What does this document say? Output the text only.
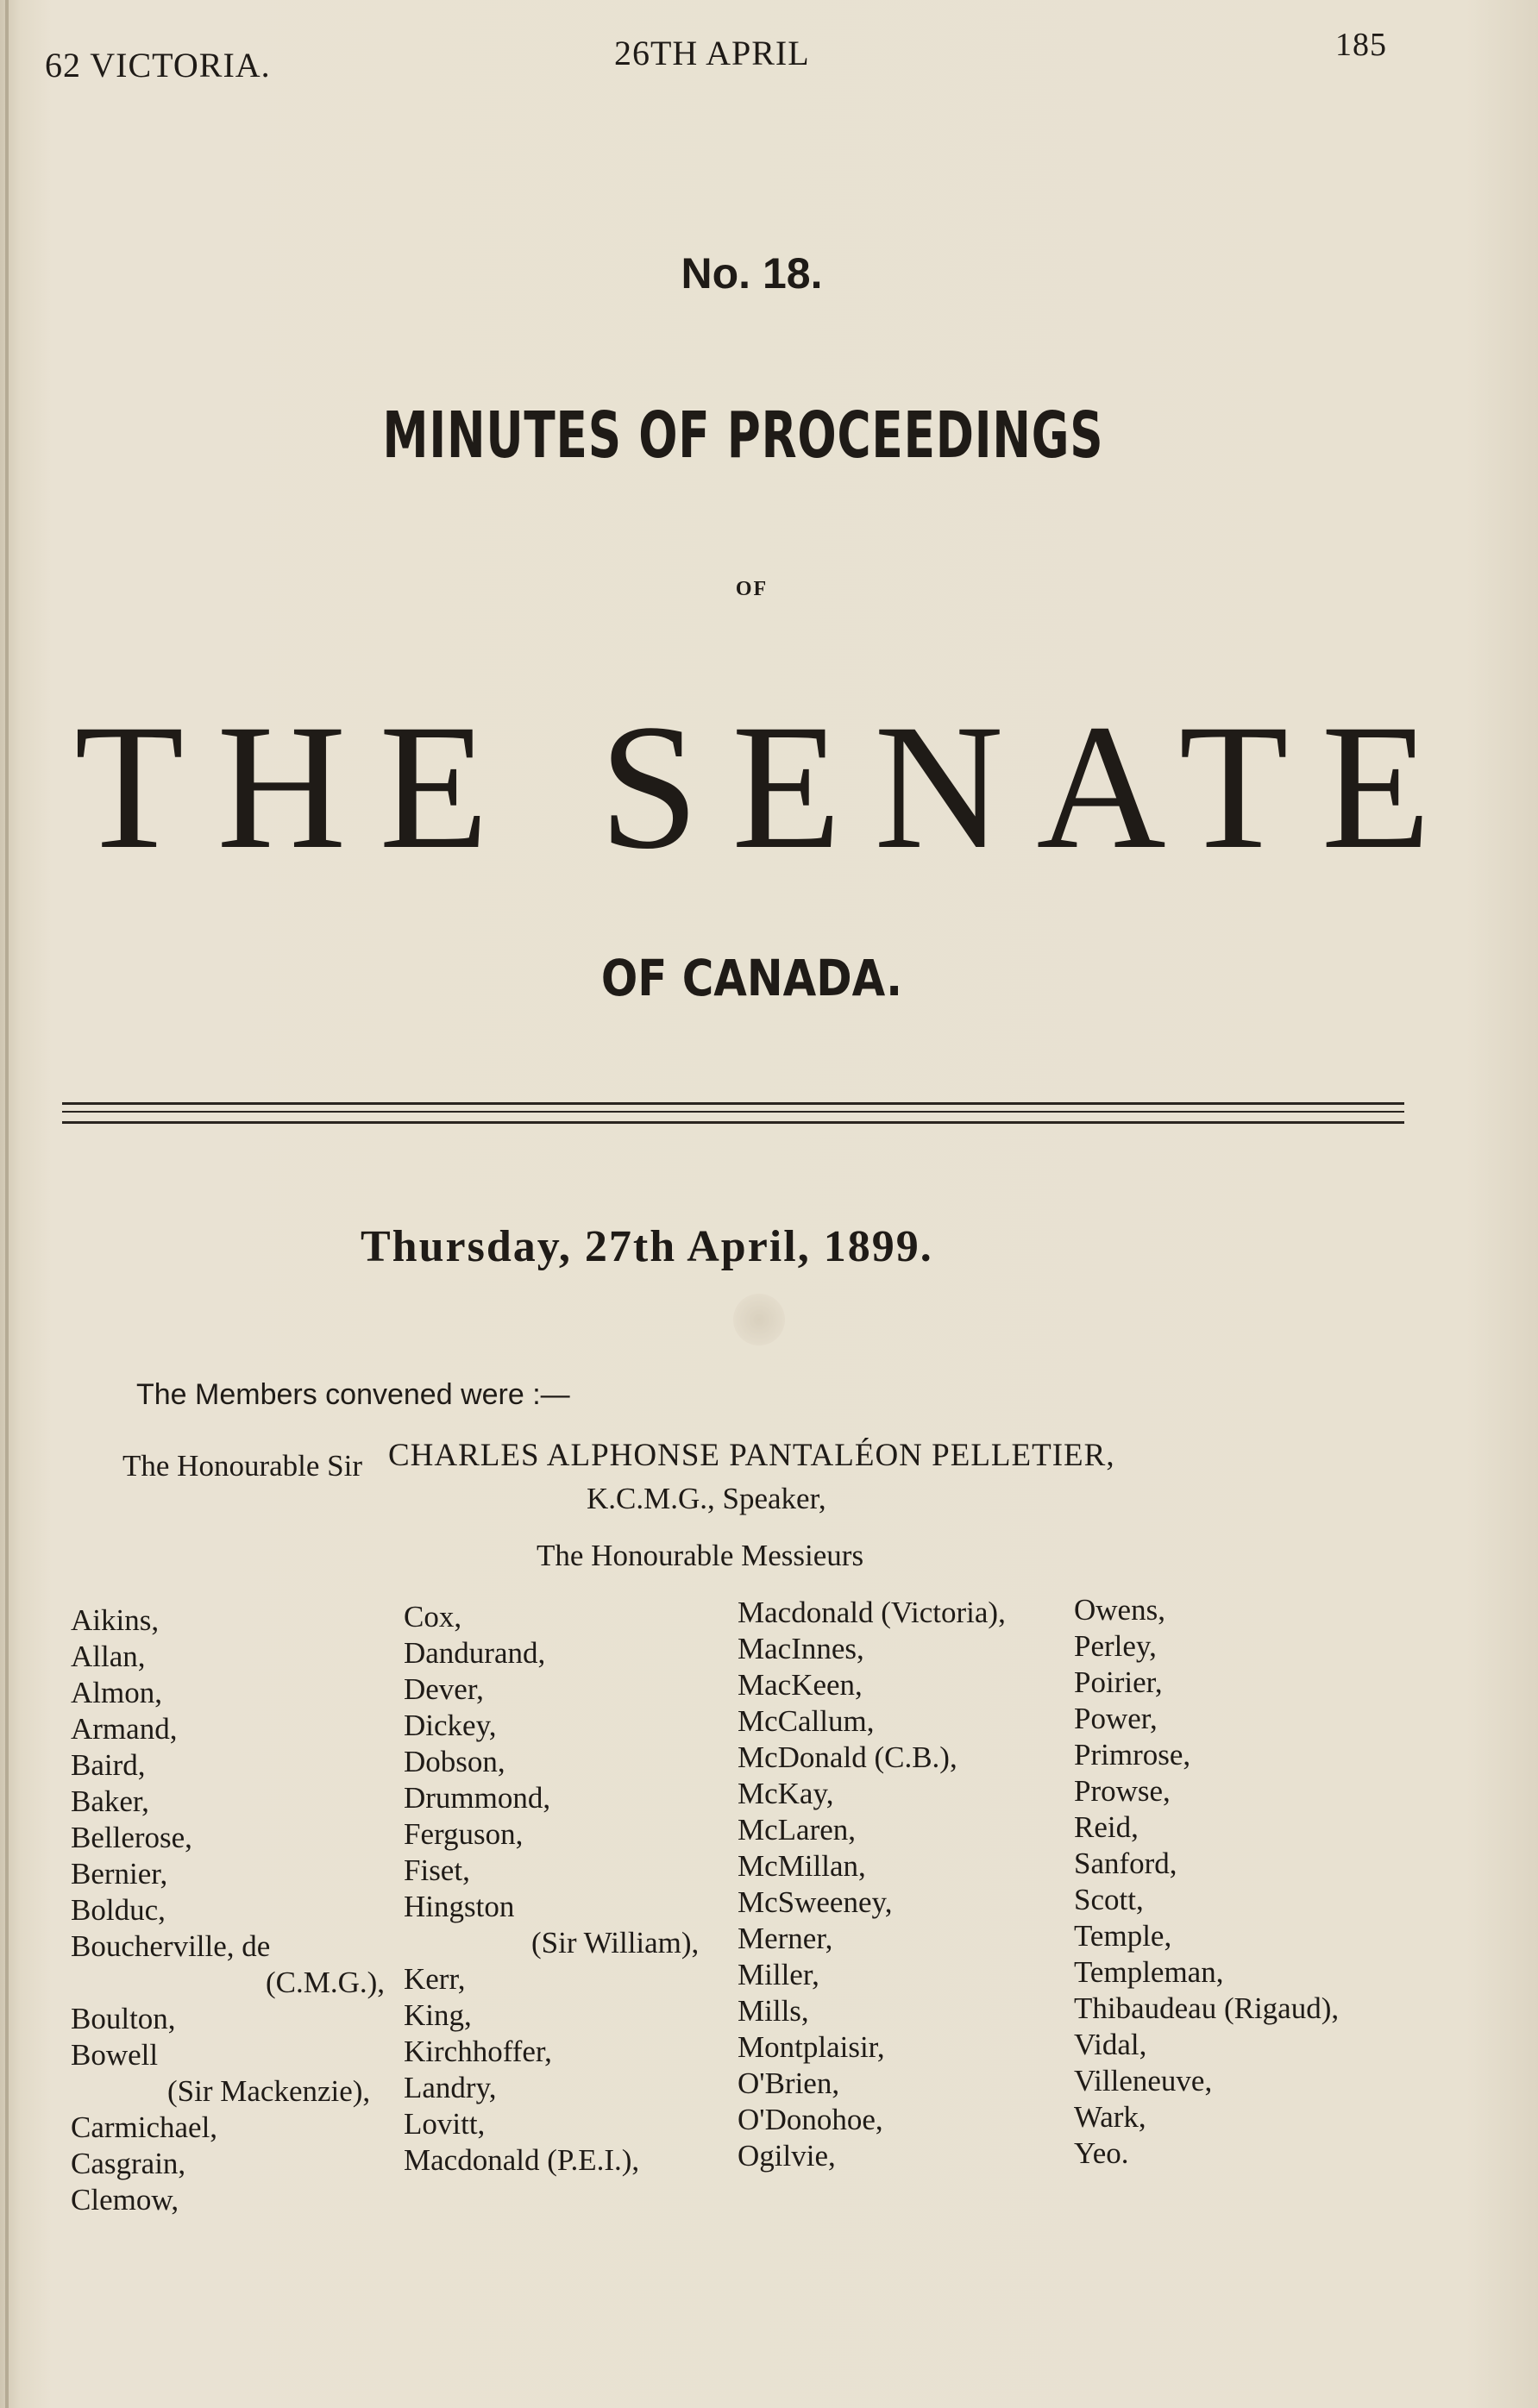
62 VICTORIA.	26TH APRIL	185
No. 18.
MINUTES OF PROCEEDINGS
OF
THE SENATE
OF CANADA.
Thursday, 27th April, 1899.
The Members convened were :—
The Honourable Sir CHARLES ALPHONSE PANTALÉON PELLETIER,
K.C.M.G., Speaker,
The Honourable Messieurs
Aikins,
Allan,
Almon,
Armand,
Baird,
Baker,
Bellerose,
Bernier,
Bolduc,
Boucherville, de
(C.M.G.),
Boulton,
Bowell
(Sir Mackenzie),
Carmichael,
Casgrain,
Clemow,
Cox,
Dandurand,
Dever,
Dickey,
Dobson,
Drummond,
Ferguson,
Fiset,
Hingston
(Sir William),
Kerr,
King,
Kirchhoffer,
Landry,
Lovitt,
Macdonald (P.E.I.),
Macdonald (Victoria),
MacInnes,
MacKeen,
McCallum,
McDonald (C.B.),
McKay,
McLaren,
McMillan,
McSweeney,
Merner,
Miller,
Mills,
Montplaisir,
O'Brien,
O'Donohoe,
Ogilvie,
Owens,
Perley,
Poirier,
Power,
Primrose,
Prowse,
Reid,
Sanford,
Scott,
Temple,
Templeman,
Thibaudeau (Rigaud),
Vidal,
Villeneuve,
Wark,
Yeo.
